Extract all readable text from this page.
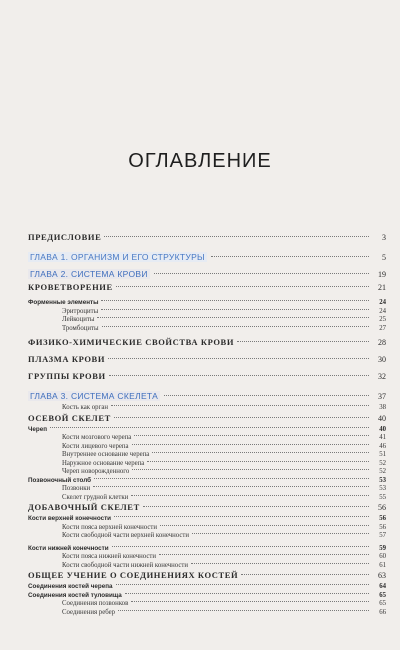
ОГЛАВЛЕНИЕ
ПРЕДИСЛОВИЕ	3
ГЛАВА 1. ОРГАНИЗМ И ЕГО СТРУКТУРЫ	5
ГЛАВА 2. СИСТЕМА КРОВИ	19
КРОВЕТВОРЕНИЕ	21
Форменные элементы	24
Эритроциты	24
Лейкоциты	25
Тромбоциты	27
ФИЗИКО-ХИМИЧЕСКИЕ СВОЙСТВА КРОВИ	28
ПЛАЗМА КРОВИ	30
ГРУППЫ КРОВИ	32
ГЛАВА 3. СИСТЕМА СКЕЛЕТА	37
Кость как орган	38
ОСЕВОЙ СКЕЛЕТ	40
Череп	40
Кости мозгового черепа	41
Кости лицевого черепа	46
Внутреннее основание черепа	51
Наружное основание черепа	52
Череп новорожденного	52
Позвоночный столб	53
Позвонки	53
Скелет грудной клетки	55
ДОБАВОЧНЫЙ СКЕЛЕТ	56
Кости верхней конечности	56
Кости пояса верхней конечности	56
Кости свободной части верхней конечности	57
Кости нижней конечности	59
Кости пояса нижней конечности	60
Кости свободной части нижней конечности	61
ОБЩЕЕ УЧЕНИЕ О СОЕДИНЕНИЯХ КОСТЕЙ	63
Соединения костей черепа	64
Соединения костей туловища	65
Соединения позвонков	65
Соединения ребер	66
